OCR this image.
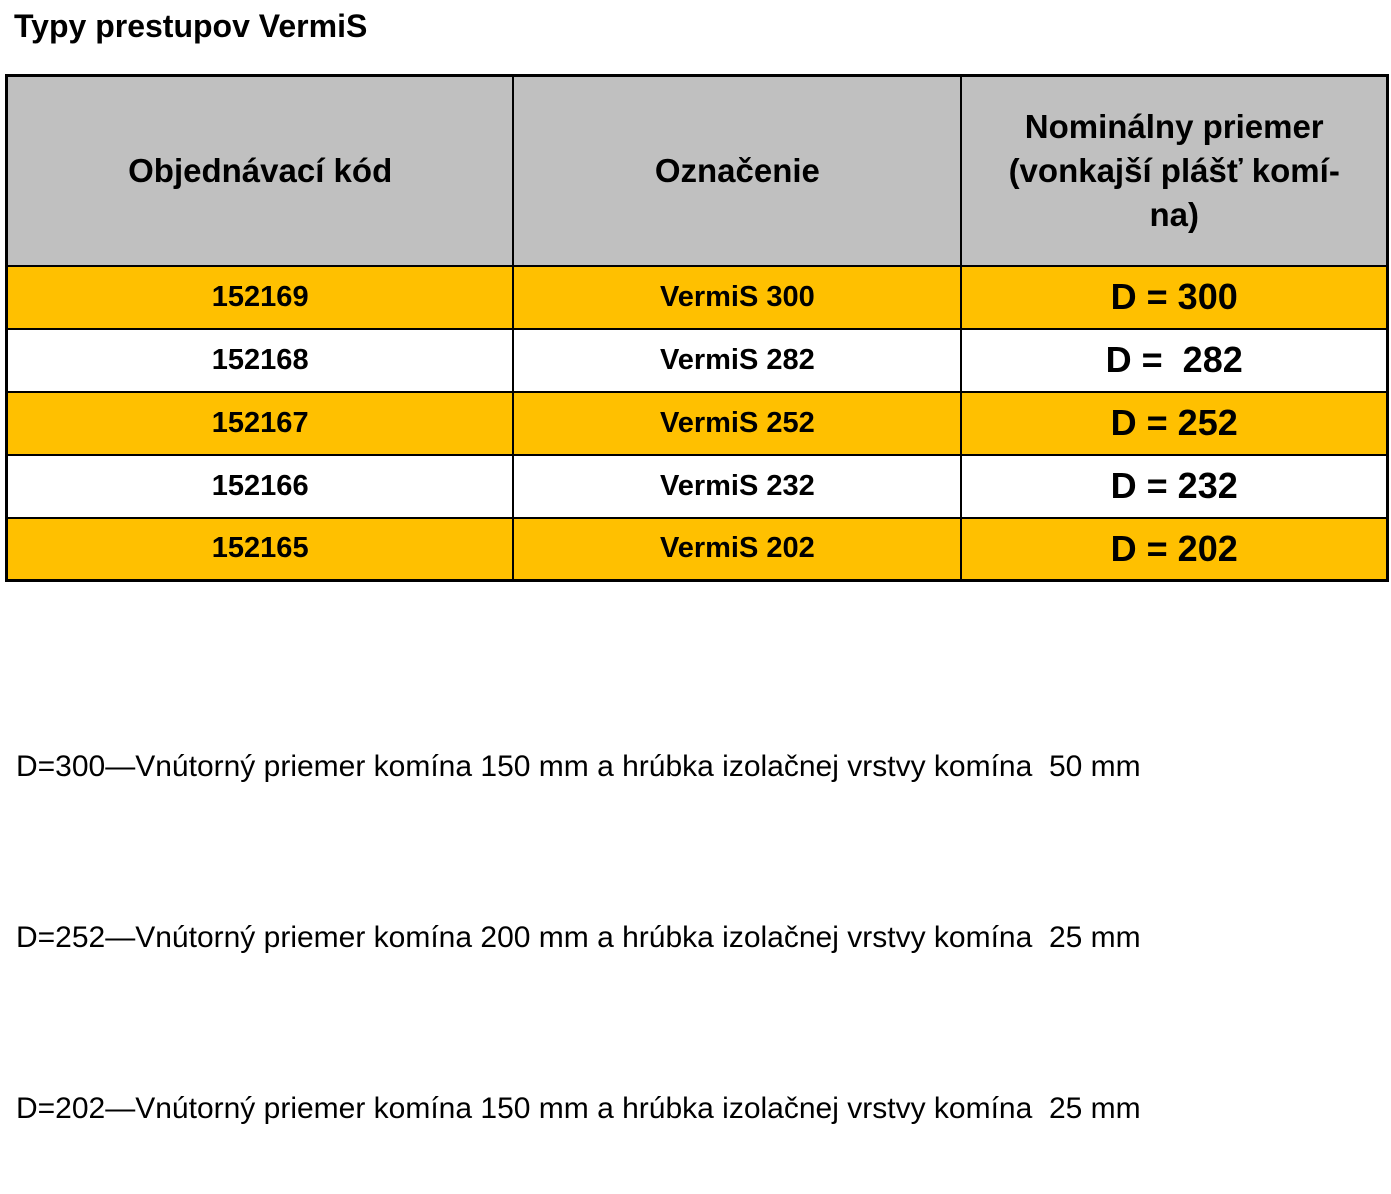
Typy prestupov VermiS
Objednávací kód	Označenie	Nominálny priemer
(vonkajší plášť komí-
na)
152169	VermiS 300	D = 300
152168	VermiS 282	D =  282
152167	VermiS 252	D = 252
152166	VermiS 232	D = 232
152165	VermiS 202	D = 202

D=300—Vnútorný priemer komína 150 mm a hrúbka izolačnej vrstvy komína  50 mm

D=252—Vnútorný priemer komína 200 mm a hrúbka izolačnej vrstvy komína  25 mm

D=202—Vnútorný priemer komína 150 mm a hrúbka izolačnej vrstvy komína  25 mm
